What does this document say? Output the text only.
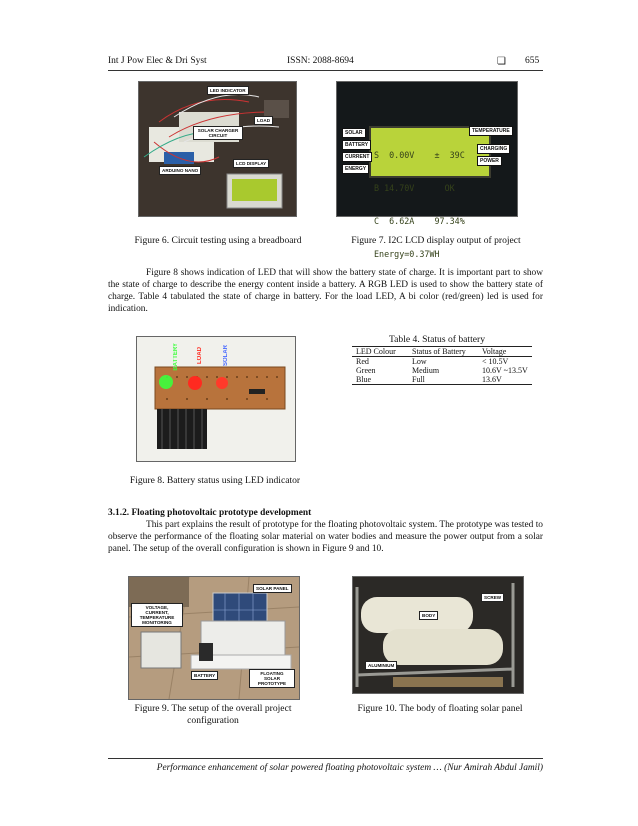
Int J Pow Elec & Dri Syst	ISSN: 2088-8694	❏ 655
LED INDICATOR
LOAD
SOLAR CHARGER CIRCUIT
ARDUINO NANO
LCD DISPLAY
Figure 6. Circuit testing using a breadboard

S  0.00V    ±  39C

B 14.70V      OK

C  6.62A    97.34%

Energy=0.37WH

SOLAR
BATTERY
CURRENT
ENERGY
TEMPERATURE
CHARGING
POWER
Figure 7. I2C LCD display output of project
Figure 8 shows indication of LED that will show the battery state of charge. It is important part to show the state of charge to describe the energy content inside a battery. A RGB LED is used to show the battery state of charge. Table 4 tabulated the state of charge in battery. For the load LED, A bi color (red/green) led is used for indication.
BATTERY	LOAD	SOLAR
Figure 8. Battery status using LED indicator
Table 4. Status of battery
LED Colour	Status of Battery	Voltage
Red	Low	< 10.5V
Green	Medium	10.6V ~13.5V
Blue	Full	13.6V
3.1.2. Floating photovoltaic prototype development
This part explains the result of prototype for the floating photovoltaic system. The prototype was tested to observe the performance of the floating solar material on water bodies and measure the power output from a solar panel. The setup of the overall configuration is shown in Figure 9 and 10.
VOLTAGE, CURRENT, TEMPERATURE MONITORING
SOLAR PANEL
BATTERY	FLOATING SOLAR PROTOTYPE
Figure 9. The setup of the overall project
configuration
SCREW
BODY
ALUMINIUM
Figure 10. The body of floating solar panel
Performance enhancement of solar powered floating photovoltaic system … (Nur Amirah Abdul Jamil)
